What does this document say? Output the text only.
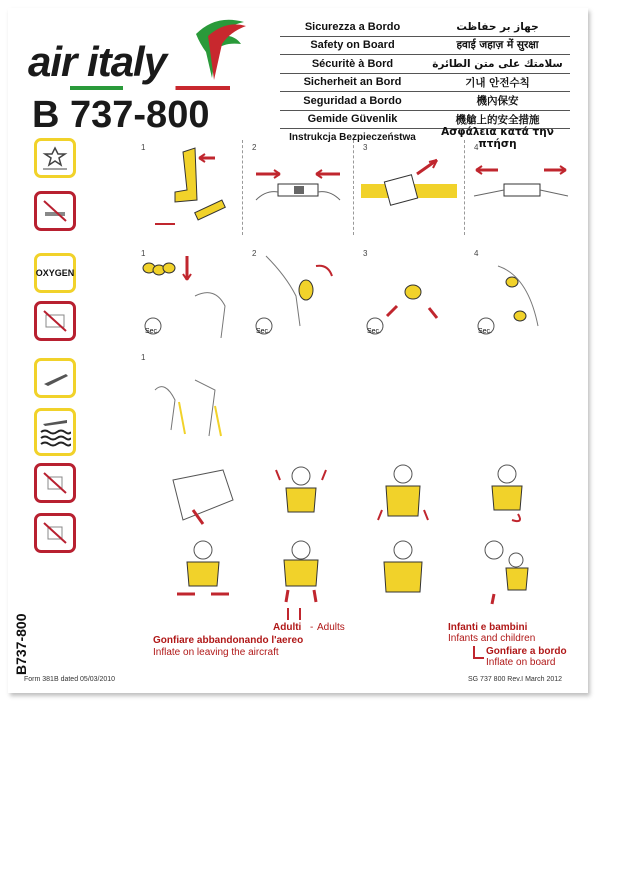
air italy
B 737-800
Sicurezza a Bordo	جهاز بر حفاظت
Safety on Board	हवाई जहाज़ में सुरक्षा
Sécuritè à Bord	سلامتك على متن الطائرة
Sicherheit an Bord	기내 안전수칙
Seguridad a Bordo	機內保安
Gemide Güvenlik	機艙上的安全措施
Instrukcja Bezpieczeństwa	Ασφάλεια κατά την πτήση
OXYGEN
B737-800
1	2	3	4
1
Sec.
2
Sec.
3
Sec.
4
Sec.
1
Adulti - Adults
Gonfiare abbandonando l'aereo
Inflate on leaving the aircraft
Infanti e bambini
Infants and children
Gonfiare a bordo
Inflate on board
Form 381B dated 05/03/2010	SG 737 800 Rev.I March 2012
